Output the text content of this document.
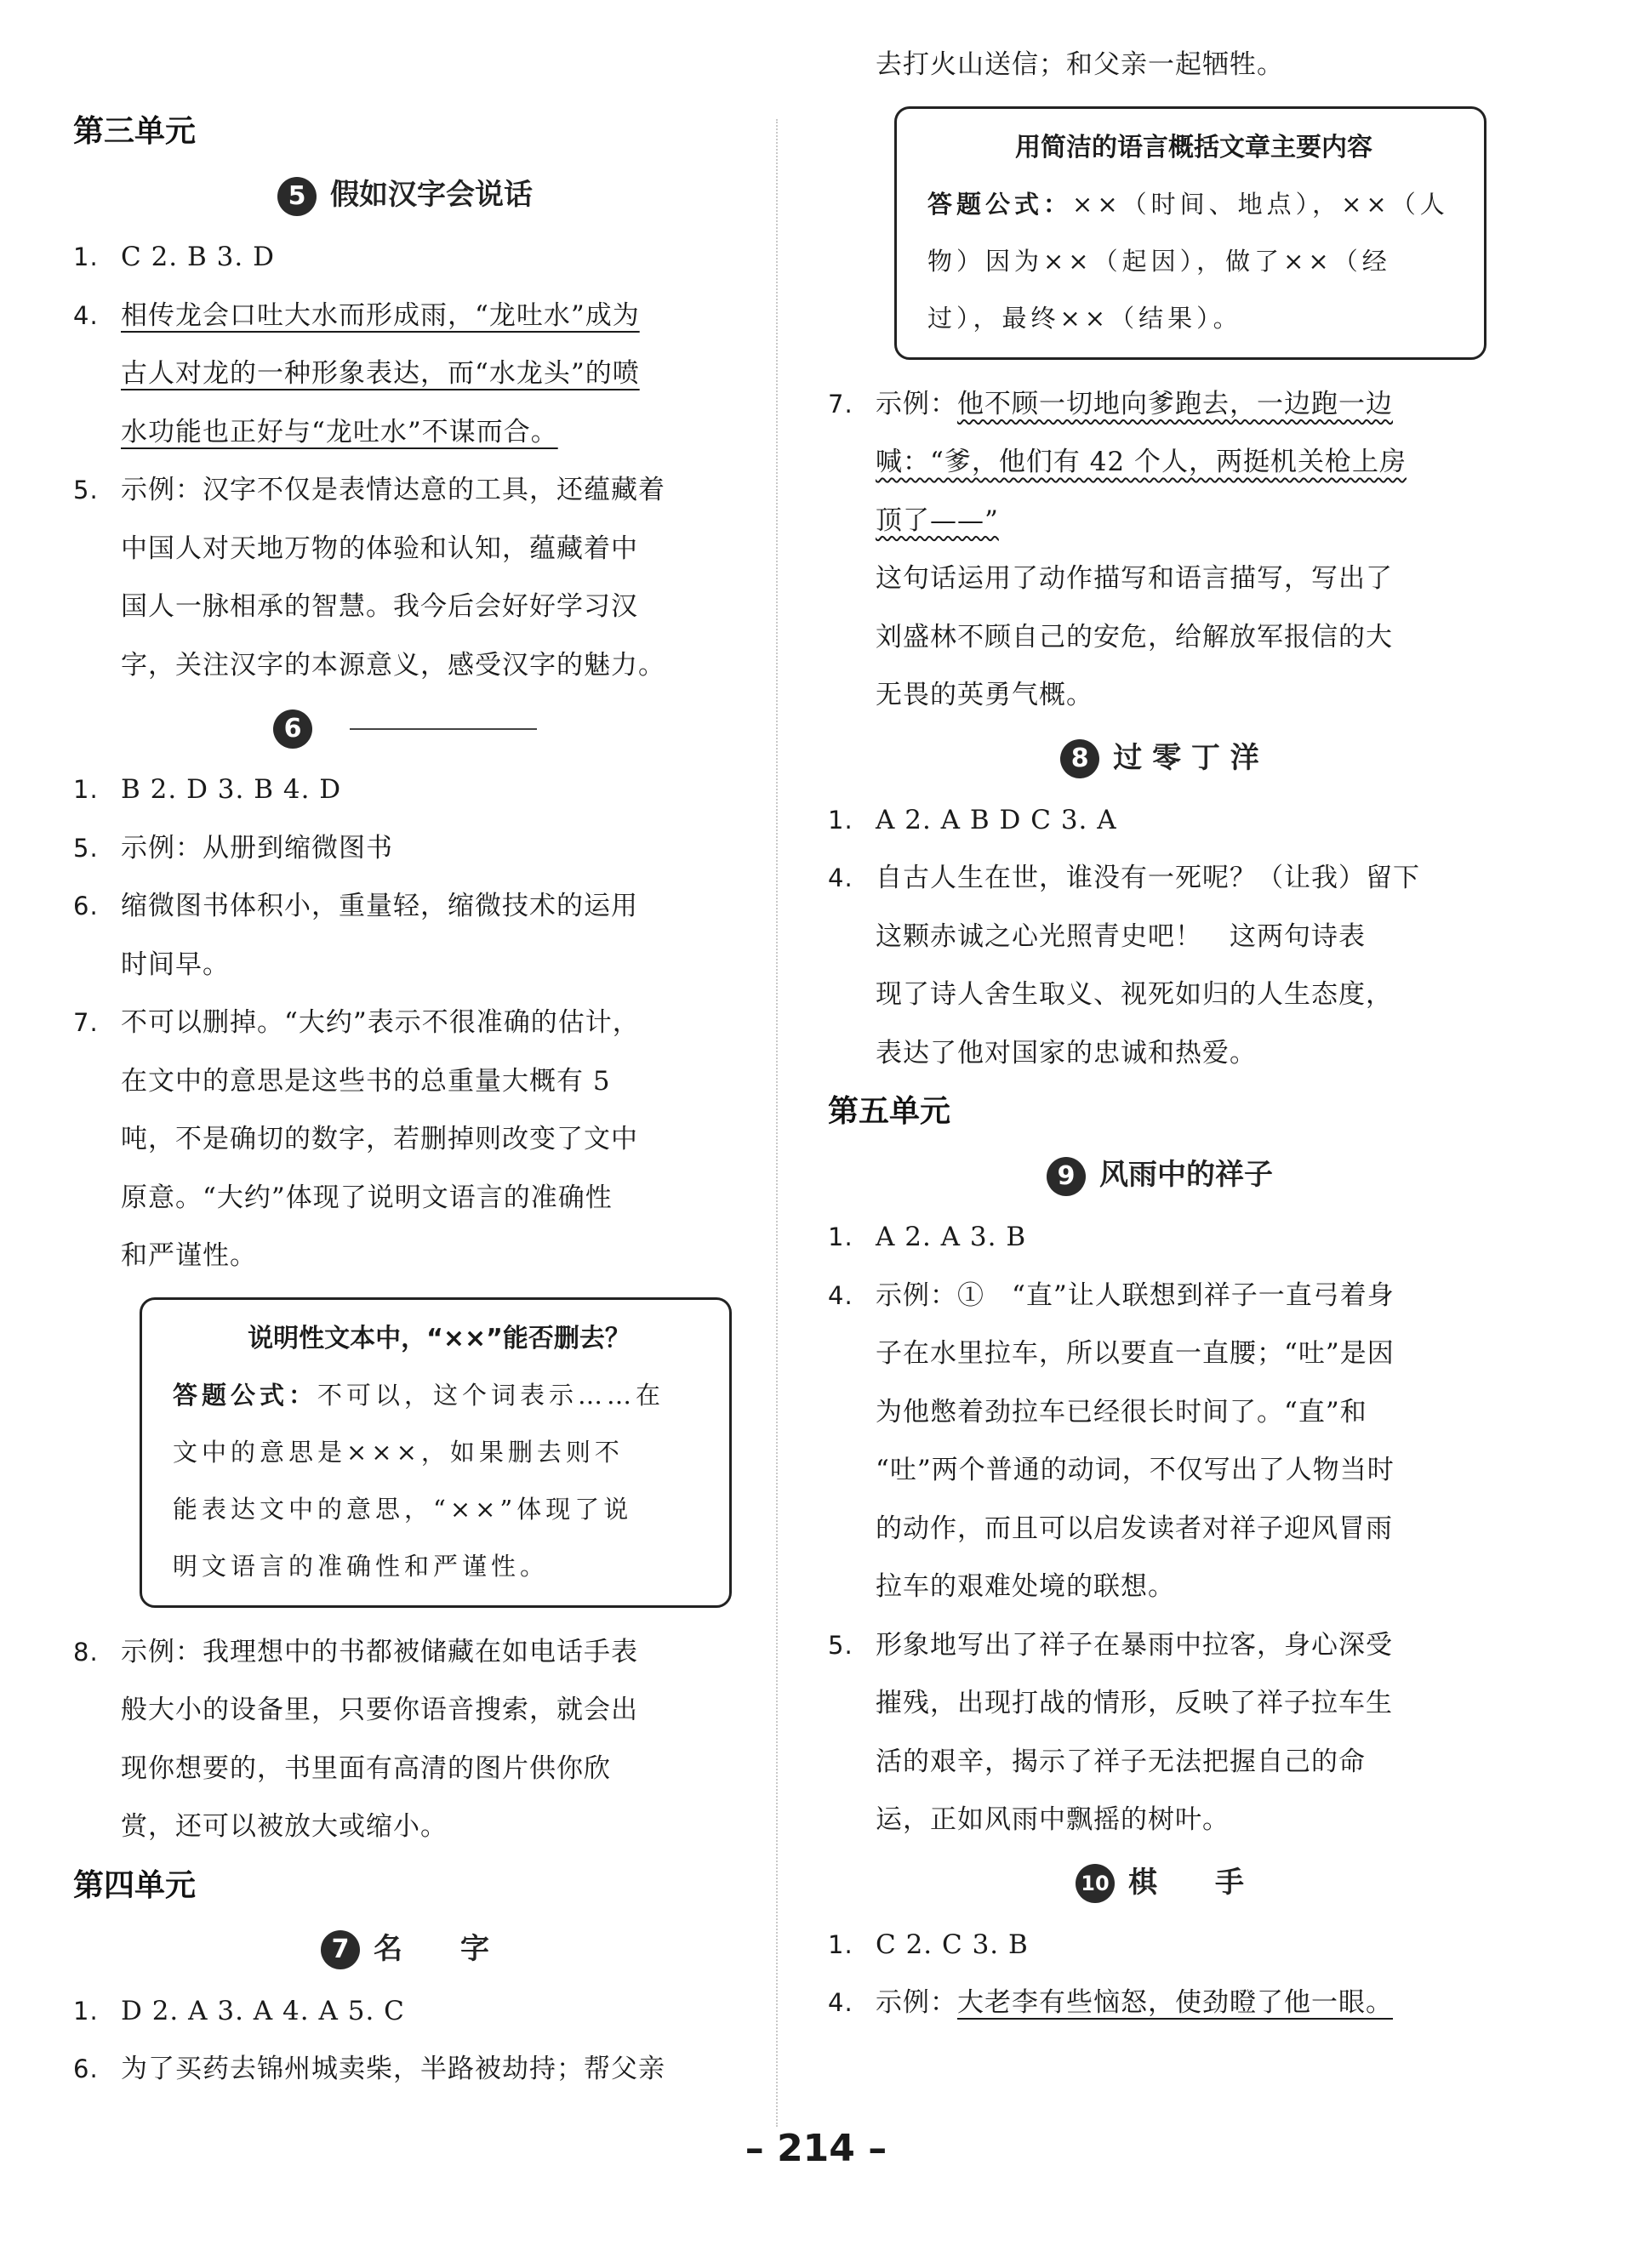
第三单元
5 假如汉字会说话
1. C 2. B 3. D
4. 相传龙会口吐大水而形成雨，“龙吐水”成为
古人对龙的一种形象表达，而“水龙头”的喷
水功能也正好与“龙吐水”不谋而合。
5. 示例：汉字不仅是表情达意的工具，还蕴藏着
中国人对天地万物的体验和认知，蕴藏着中
国人一脉相承的智慧。我今后会好好学习汉
字，关注汉字的本源意义，感受汉字的魅力。
6
1. B 2. D 3. B 4. D
5. 示例：从册到缩微图书
6. 缩微图书体积小，重量轻，缩微技术的运用
时间早。
7. 不可以删掉。“大约”表示不很准确的估计，
在文中的意思是这些书的总重量大概有 5
吨，不是确切的数字，若删掉则改变了文中
原意。“大约”体现了说明文语言的准确性
和严谨性。
说明性文本中，“××”能否删去？
答题公式：不可以，这个词表示……在
文中的意思是×××，如果删去则不
能表达文中的意思，“××”体现了说
明文语言的准确性和严谨性。
8. 示例：我理想中的书都被储藏在如电话手表
般大小的设备里，只要你语音搜索，就会出
现你想要的，书里面有高清的图片供你欣
赏，还可以被放大或缩小。
第四单元
7 名　　字
1. D 2. A 3. A 4. A 5. C
6. 为了买药去锦州城卖柴，半路被劫持；帮父亲
去打火山送信；和父亲一起牺牲。
用简洁的语言概括文章主要内容
答题公式：××（时间、地点），××（人
物）因为××（起因），做了××（经
过），最终××（结果）。
7. 示例：他不顾一切地向爹跑去，一边跑一边
喊：“爹，他们有 42 个人，两挺机关枪上房
顶了——”
这句话运用了动作描写和语言描写，写出了
刘盛林不顾自己的安危，给解放军报信的大
无畏的英勇气概。
8 过 零 丁 洋
1. A 2. A B D C 3. A
4. 自古人生在世，谁没有一死呢？（让我）留下
这颗赤诚之心光照青史吧！　这两句诗表
现了诗人舍生取义、视死如归的人生态度，
表达了他对国家的忠诚和热爱。
第五单元
9 风雨中的祥子
1. A 2. A 3. B
4. 示例：①　“直”让人联想到祥子一直弓着身
子在水里拉车，所以要直一直腰；“吐”是因
为他憋着劲拉车已经很长时间了。“直”和
“吐”两个普通的动词，不仅写出了人物当时
的动作，而且可以启发读者对祥子迎风冒雨
拉车的艰难处境的联想。
5. 形象地写出了祥子在暴雨中拉客，身心深受
摧残，出现打战的情形，反映了祥子拉车生
活的艰辛，揭示了祥子无法把握自己的命
运，正如风雨中飘摇的树叶。
10 棋　　手
1. C 2. C 3. B
4. 示例：大老李有些恼怒，使劲瞪了他一眼。
– 214 –
